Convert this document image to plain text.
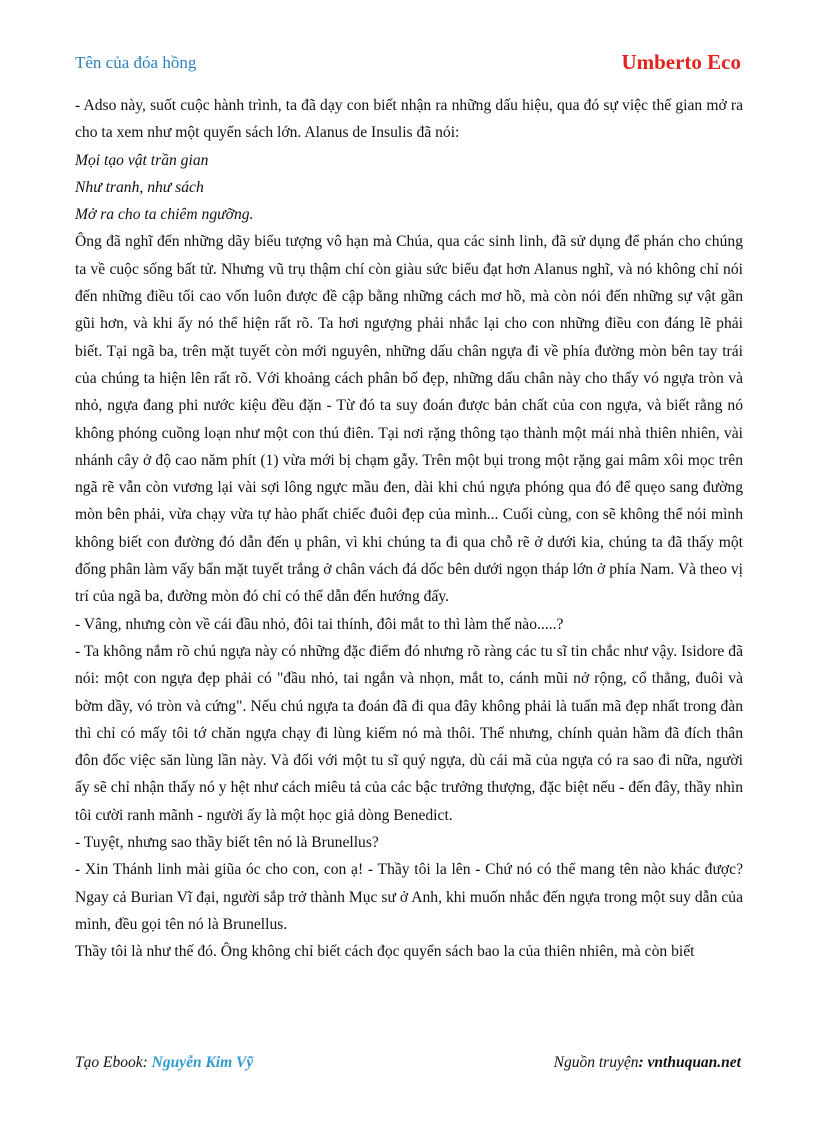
Tên của đóa hồng	Umberto Eco

- Adso này, suốt cuộc hành trình, ta đã dạy con biết nhận ra những dấu hiệu, qua đó sự việc thế gian mở ra cho ta xem như một quyển sách lớn. Alanus de Insulis đã nói:

Mọi tạo vật trần gian

Như tranh, như sách

Mở ra cho ta chiêm ngưỡng.

Ông đã nghĩ đến những dãy biểu tượng vô hạn mà Chúa, qua các sinh linh, đã sử dụng để phán cho chúng ta về cuộc sống bất tử. Nhưng vũ trụ thậm chí còn giàu sức biểu đạt hơn Alanus nghĩ, và nó không chỉ nói đến những điều tối cao vốn luôn được đề cập bằng những cách mơ hồ, mà còn nói đến những sự vật gần gũi hơn, và khi ấy nó thể hiện rất rõ. Ta hơi ngượng phải nhắc lại cho con những điều con đáng lẽ phải biết. Tại ngã ba, trên mặt tuyết còn mới nguyên, những dấu chân ngựa đi về phía đường mòn bên tay trái của chúng ta hiện lên rất rõ. Với khoảng cách phân bố đẹp, những dấu chân này cho thấy vó ngựa tròn và nhỏ, ngựa đang phi nước kiệu đều đặn - Từ đó ta suy đoán được bản chất của con ngựa, và biết rằng nó không phóng cuồng loạn như một con thú điên. Tại nơi rặng thông tạo thành một mái nhà thiên nhiên, vài nhánh cây ở độ cao năm phít (1) vừa mới bị chạm gẫy. Trên một bụi trong một rặng gai mâm xôi mọc trên ngã rẽ vẫn còn vương lại vài sợi lông ngực mầu đen, dài khi chú ngựa phóng qua đó để quẹo sang đường mòn bên phải, vừa chạy vừa tự hào phất chiếc đuôi đẹp của mình... Cuối cùng, con sẽ không thể nói mình không biết con đường đó dẫn đến ụ phân, vì khi chúng ta đi qua chỗ rẽ ở dưới kia, chúng ta đã thấy một đống phân làm vấy bẩn mặt tuyết trắng ở chân vách đá dốc bên dưới ngọn tháp lớn ở phía Nam. Và theo vị trí của ngã ba, đường mòn đó chỉ có thể dẫn đến hướng đấy.

- Vâng, nhưng còn về cái đầu nhỏ, đôi tai thính, đôi mắt to thì làm thế nào.....?

- Ta không nắm rõ chú ngựa này có những đặc điểm đó nhưng rõ ràng các tu sĩ tin chắc như vậy. Isidore đã nói: một con ngựa đẹp phải có "đầu nhỏ, tai ngắn và nhọn, mắt to, cánh mũi nở rộng, cổ thẳng, đuôi và bờm dầy, vó tròn và cứng". Nếu chú ngựa ta đoán đã đi qua đây không phải là tuấn mã đẹp nhất trong đàn thì chỉ có mấy tôi tớ chăn ngựa chạy đi lùng kiếm nó mà thôi. Thế nhưng, chính quản hầm đã đích thân đôn đốc việc săn lùng lần này. Và đối với một tu sĩ quý ngựa, dù cái mã của ngựa có ra sao đi nữa, người ấy sẽ chỉ nhận thấy nó y hệt như cách miêu tả của các bậc trưởng thượng, đặc biệt nếu - đến đây, thầy nhìn tôi cười ranh mãnh - người ấy là một học giả dòng Benedict.

- Tuyệt, nhưng sao thầy biết tên nó là Brunellus?

- Xin Thánh linh mài giũa óc cho con, con ạ! - Thầy tôi la lên - Chứ nó có thể mang tên nào khác được? Ngay cả Burian Vĩ đại, người sắp trở thành Mục sư ở Anh, khi muốn nhắc đến ngựa trong một suy dẫn của mình, đều gọi tên nó là Brunellus.

Thầy tôi là như thế đó. Ông không chỉ biết cách đọc quyển sách bao la của thiên nhiên, mà còn biết

Tạo Ebook: Nguyễn Kim Vỹ	Nguồn truyện: vnthuquan.net
